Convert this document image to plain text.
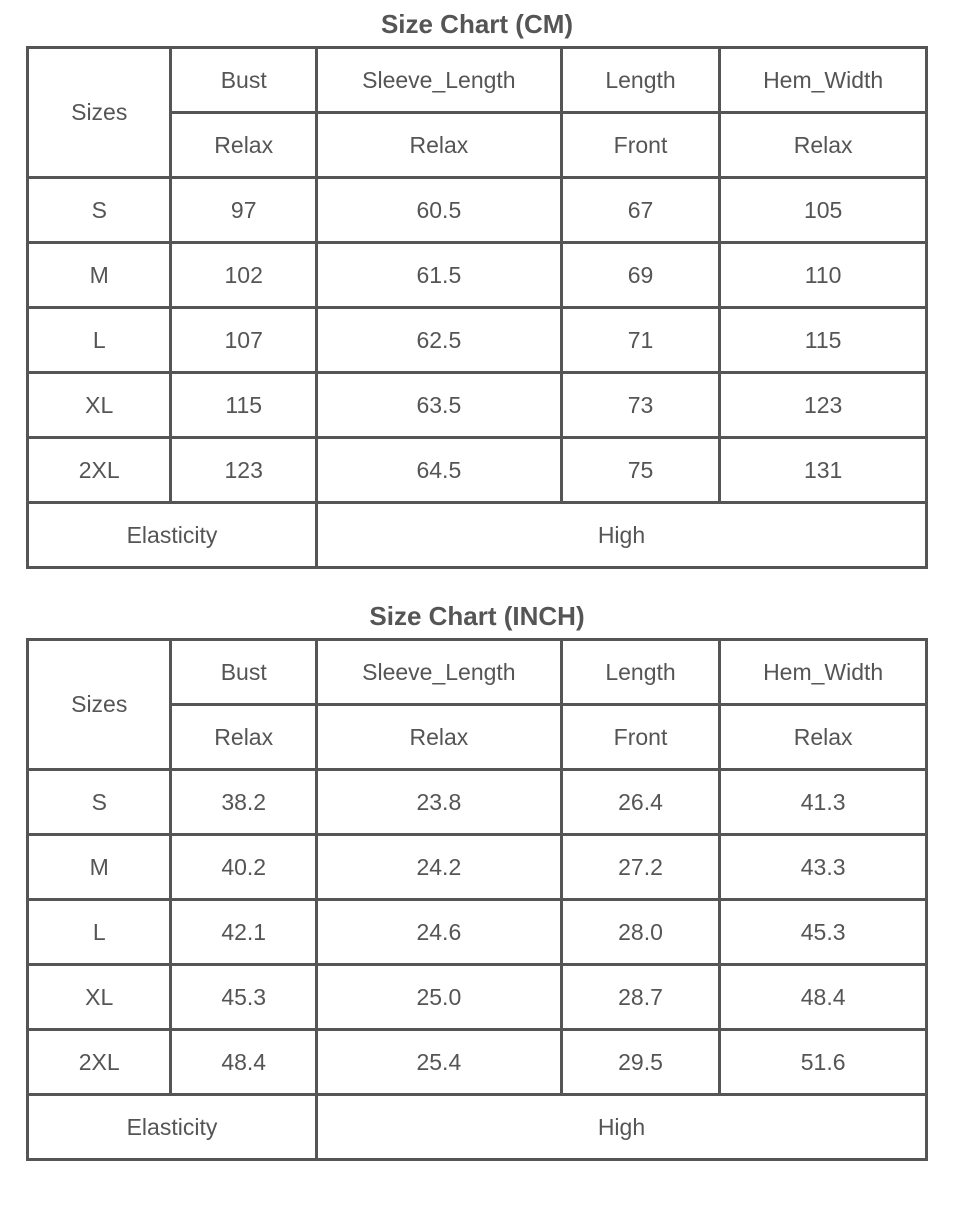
Size Chart (CM)
Sizes	Bust	Sleeve_Length	Length	Hem_Width
	Relax	Relax	Front	Relax
S	97	60.5	67	105
M	102	61.5	69	110
L	107	62.5	71	115
XL	115	63.5	73	123
2XL	123	64.5	75	131
Elasticity		High		
Size Chart (INCH)
Sizes	Bust	Sleeve_Length	Length	Hem_Width
	Relax	Relax	Front	Relax
S	38.2	23.8	26.4	41.3
M	40.2	24.2	27.2	43.3
L	42.1	24.6	28.0	45.3
XL	45.3	25.0	28.7	48.4
2XL	48.4	25.4	29.5	51.6
Elasticity		High		
